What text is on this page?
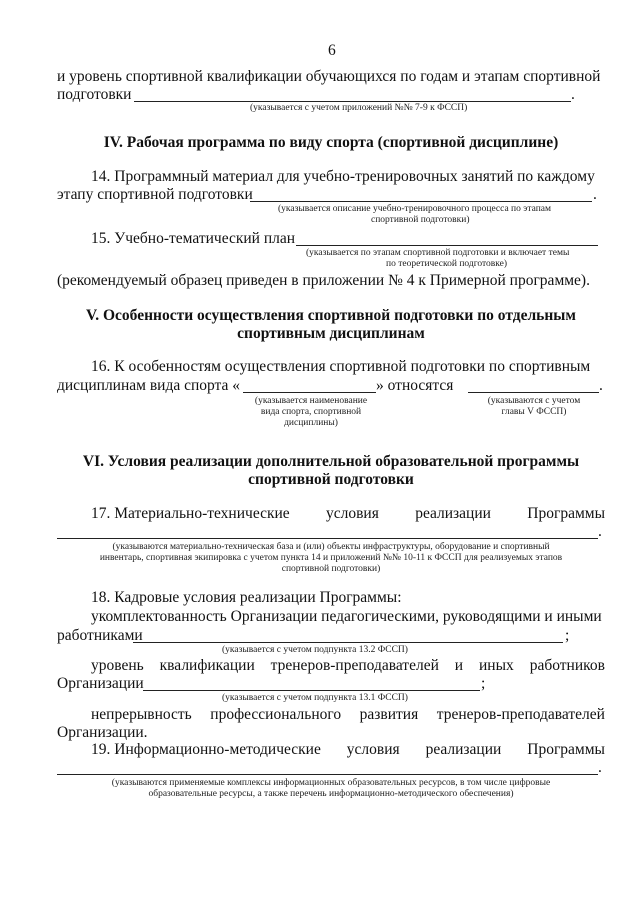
6
и уровень спортивной квалификации обучающихся по годам и этапам спортивной
подготовки	.
(указывается с учетом приложений №№ 7-9 к ФССП)
IV. Рабочая программа по виду спорта (спортивной дисциплине)
14. Программный материал для учебно-тренировочных занятий по каждому
этапу спортивной подготовки	.
(указывается описание учебно-тренировочного процесса по этапам
спортивной подготовки)
15. Учебно-тематический план
(указывается по этапам спортивной подготовки и включает темы
по теоретической подготовке)
(рекомендуемый образец приведен в приложении № 4 к Примерной программе).
V. Особенности осуществления спортивной подготовки по отдельным
спортивным дисциплинам
16. К особенностям осуществления спортивной подготовки по спортивным
дисциплинам вида спорта «	» относятся	.
(указывается наименование
вида спорта, спортивной
дисциплины)
(указываются с учетом
главы V ФССП)
VI. Условия реализации дополнительной образовательной программы
спортивной подготовки
17. Материально-технические условия реализации Программы
.
(указываются материально-техническая база и (или) объекты инфраструктуры, оборудование и спортивный
инвентарь, спортивная экипировка с учетом пункта 14 и приложений №№ 10-11 к ФССП для реализуемых этапов
спортивной подготовки)
18. Кадровые условия реализации Программы:
укомплектованность Организации педагогическими, руководящими и иными
работниками	;
(указывается с учетом подпункта 13.2 ФССП)
уровень квалификации тренеров-преподавателей и иных работников
Организации	;
(указывается с учетом подпункта 13.1 ФССП)
непрерывность профессионального развития тренеров-преподавателей
Организации.
19. Информационно-методические условия реализации Программы
.
(указываются применяемые комплексы информационных образовательных ресурсов, в том числе цифровые
образовательные ресурсы, а также перечень информационно-методического обеспечения)
